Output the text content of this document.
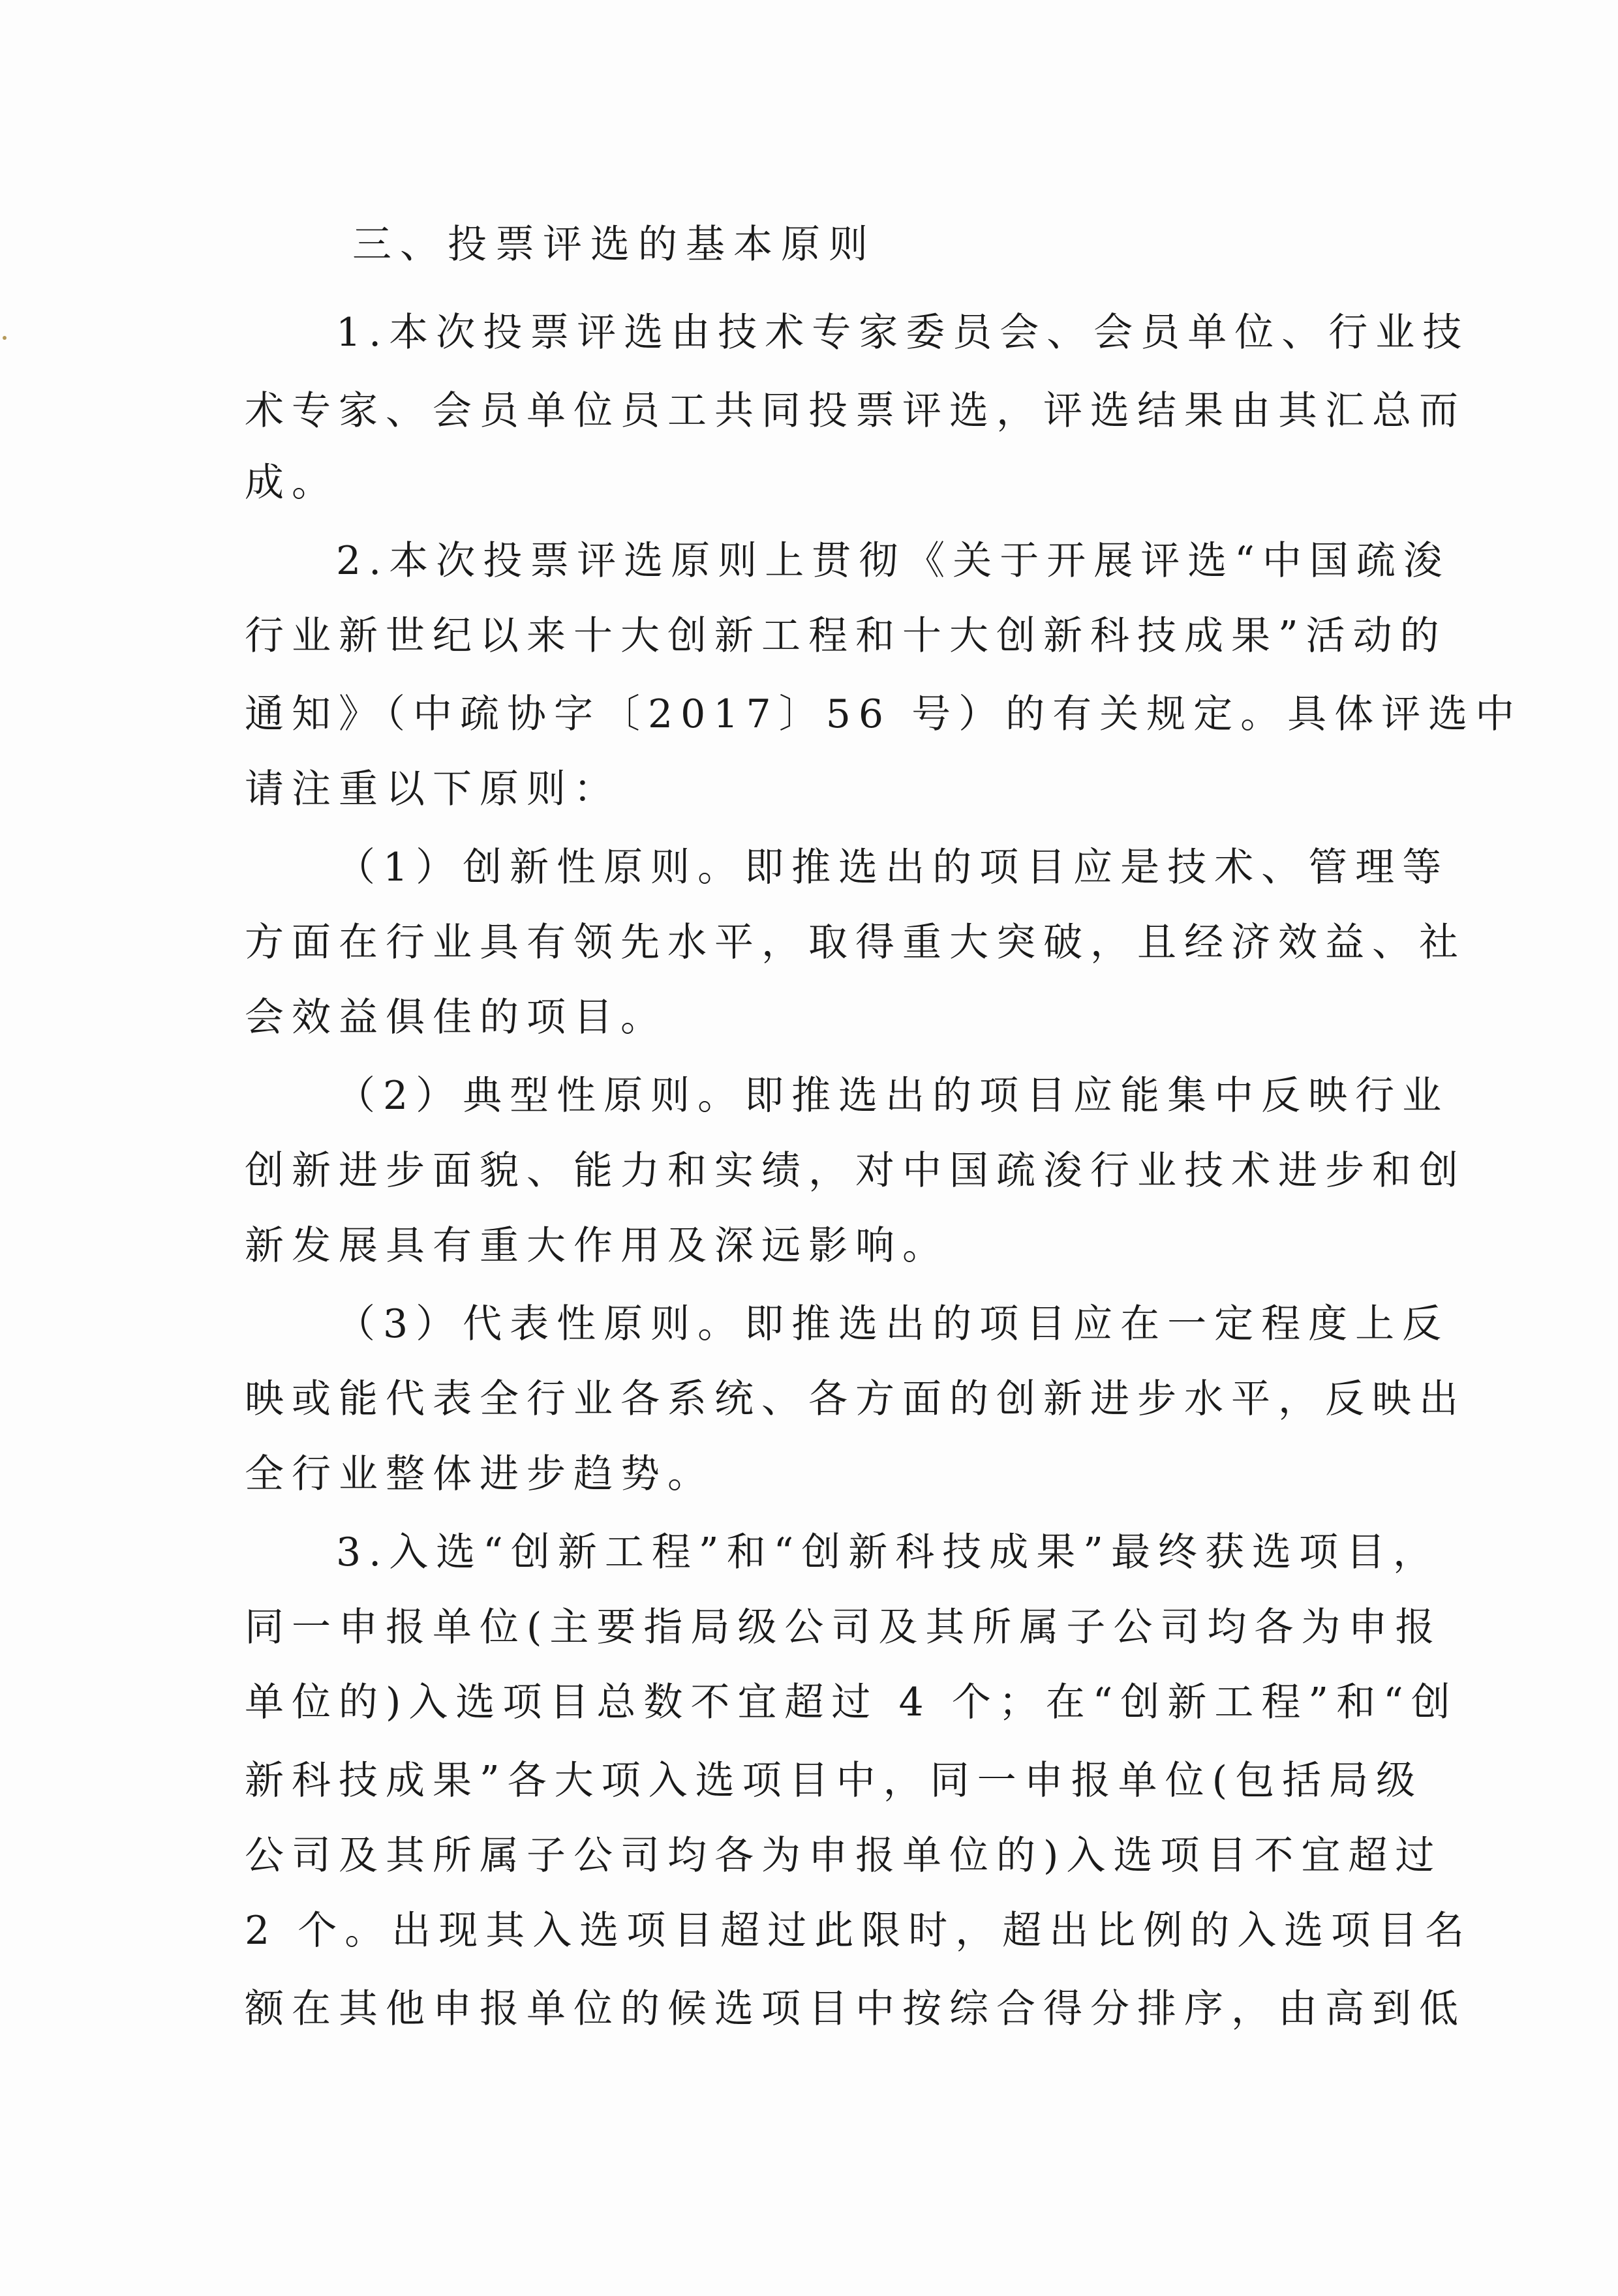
三、投票评选的基本原则
1.本次投票评选由技术专家委员会、会员单位、行业技
术专家、会员单位员工共同投票评选，评选结果由其汇总而
成。
2.本次投票评选原则上贯彻《关于开展评选“中国疏浚
行业新世纪以来十大创新工程和十大创新科技成果”活动的
通知》（中疏协字〔2017〕56 号）的有关规定。具体评选中
请注重以下原则：
（1）创新性原则。即推选出的项目应是技术、管理等
方面在行业具有领先水平，取得重大突破，且经济效益、社
会效益俱佳的项目。
（2）典型性原则。即推选出的项目应能集中反映行业
创新进步面貌、能力和实绩，对中国疏浚行业技术进步和创
新发展具有重大作用及深远影响。
（3）代表性原则。即推选出的项目应在一定程度上反
映或能代表全行业各系统、各方面的创新进步水平，反映出
全行业整体进步趋势。
3.入选“创新工程”和“创新科技成果”最终获选项目，
同一申报单位(主要指局级公司及其所属子公司均各为申报
单位的)入选项目总数不宜超过 4 个；在“创新工程”和“创
新科技成果”各大项入选项目中，同一申报单位(包括局级
公司及其所属子公司均各为申报单位的)入选项目不宜超过
2 个。出现其入选项目超过此限时，超出比例的入选项目名
额在其他申报单位的候选项目中按综合得分排序，由高到低
